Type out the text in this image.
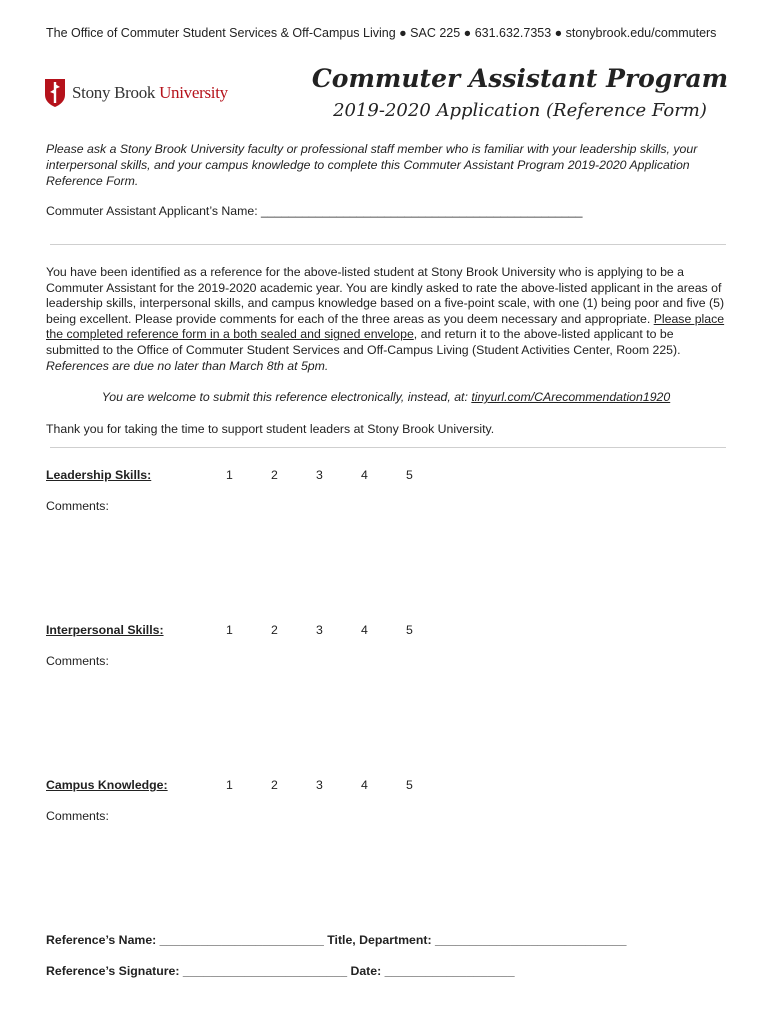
The Office of Commuter Student Services & Off-Campus Living ● SAC 225 ● 631.632.7353 ● stonybrook.edu/commuters
Stony Brook University	Commuter Assistant Program
2019-2020 Application (Reference Form)
Please ask a Stony Brook University faculty or professional staff member who is familiar with your leadership skills, your interpersonal skills, and your campus knowledge to complete this Commuter Assistant Program 2019-2020 Application Reference Form.
Commuter Assistant Applicant’s Name: _______________________________________________
You have been identified as a reference for the above-listed student at Stony Brook University who is applying to be a Commuter Assistant for the 2019-2020 academic year. You are kindly asked to rate the above-listed applicant in the areas of leadership skills, interpersonal skills, and campus knowledge based on a five-point scale, with one (1) being poor and five (5) being excellent. Please provide comments for each of the three areas as you deem necessary and appropriate. Please place the completed reference form in a both sealed and signed envelope, and return it to the above-listed applicant to be submitted to the Office of Commuter Student Services and Off-Campus Living (Student Activities Center, Room 225). References are due no later than March 8th at 5pm.
You are welcome to submit this reference electronically, instead, at: tinyurl.com/CArecommendation1920
Thank you for taking the time to support student leaders at Stony Brook University.
Leadership Skills:	1	2	3	4	5
Comments:
Interpersonal Skills:	1	2	3	4	5
Comments:
Campus Knowledge:	1	2	3	4	5
Comments:
Reference’s Name: ________________________ Title, Department: ____________________________
Reference’s Signature: ________________________ Date: ___________________
